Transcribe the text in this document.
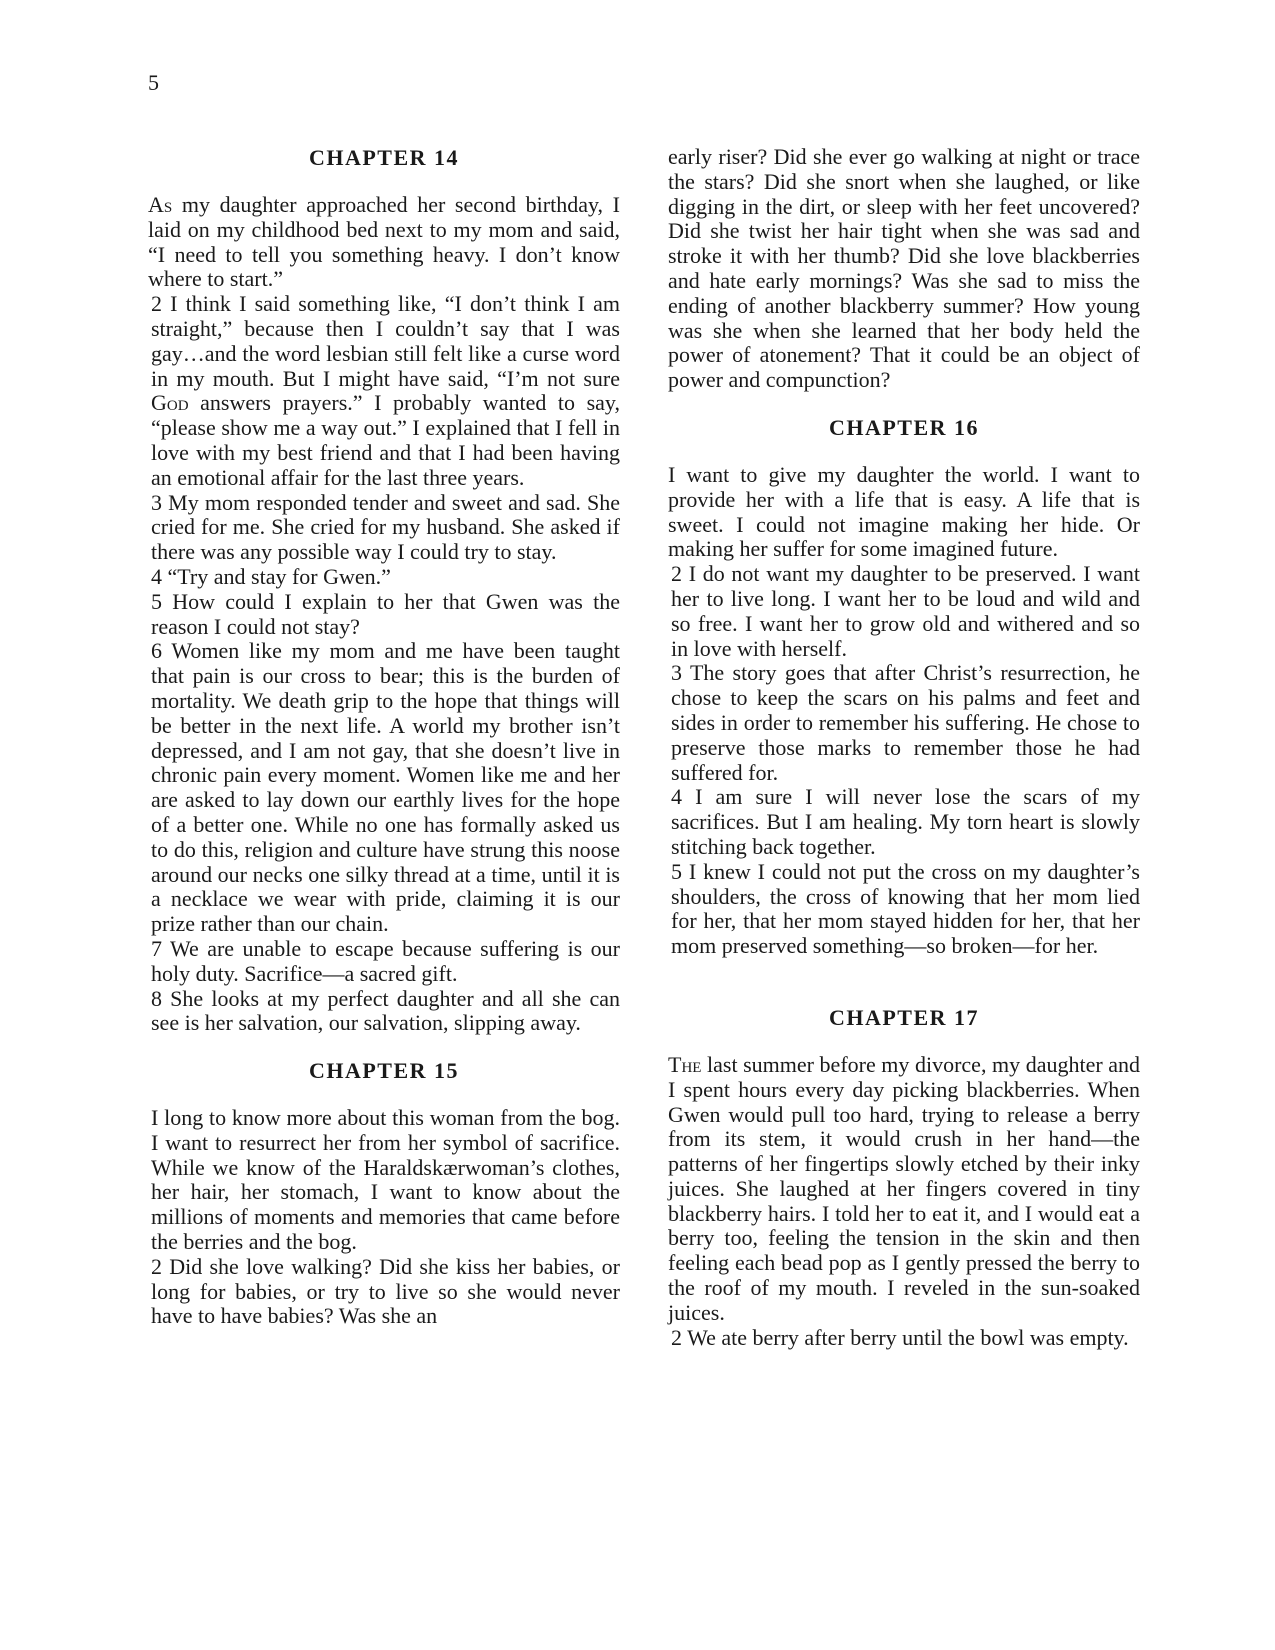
5
CHAPTER 14

As my daughter approached her second birthday, I laid on my childhood bed next to my mom and said, “I need to tell you something heavy. I don’t know where to start.”

2 I think I said something like, “I don’t think I am straight,” because then I couldn’t say that I was gay…and the word lesbian still felt like a curse word in my mouth. But I might have said, “I’m not sure God answers prayers.” I probably wanted to say, “please show me a way out.” I explained that I fell in love with my best friend and that I had been having an emotional affair for the last three years.

3 My mom responded tender and sweet and sad. She cried for me. She cried for my husband. She asked if there was any possible way I could try to stay.

4 “Try and stay for Gwen.”

5 How could I explain to her that Gwen was the reason I could not stay?

6 Women like my mom and me have been taught that pain is our cross to bear; this is the burden of mortality. We death grip to the hope that things will be better in the next life. A world my brother isn’t depressed, and I am not gay, that she doesn’t live in chronic pain every moment. Women like me and her are asked to lay down our earthly lives for the hope of a better one. While no one has formally asked us to do this, religion and culture have strung this noose around our necks one silky thread at a time, until it is a necklace we wear with pride, claiming it is our prize rather than our chain.

7 We are unable to escape because suffering is our holy duty. Sacrifice—a sacred gift.

8 She looks at my perfect daughter and all she can see is her salvation, our salvation, slipping away.

CHAPTER 15

I long to know more about this woman from the bog. I want to resurrect her from her symbol of sacrifice. While we know of the Haraldskærwoman’s clothes, her hair, her stomach, I want to know about the millions of moments and memories that came before the berries and the bog.

2 Did she love walking? Did she kiss her babies, or long for babies, or try to live so she would never have to have babies? Was she an

early riser? Did she ever go walking at night or trace the stars? Did she snort when she laughed, or like digging in the dirt, or sleep with her feet uncovered? Did she twist her hair tight when she was sad and stroke it with her thumb? Did she love blackberries and hate early mornings? Was she sad to miss the ending of another blackberry summer? How young was she when she learned that her body held the power of atonement? That it could be an object of power and compunction?

CHAPTER 16

I want to give my daughter the world. I want to provide her with a life that is easy. A life that is sweet. I could not imagine making her hide. Or making her suffer for some imagined future.

2 I do not want my daughter to be preserved. I want her to live long. I want her to be loud and wild and so free. I want her to grow old and withered and so in love with herself.

3 The story goes that after Christ’s resurrection, he chose to keep the scars on his palms and feet and sides in order to remember his suffering. He chose to preserve those marks to remember those he had suffered for.

4 I am sure I will never lose the scars of my sacrifices. But I am healing. My torn heart is slowly stitching back together.

5 I knew I could not put the cross on my daughter’s shoulders, the cross of knowing that her mom lied for her, that her mom stayed hidden for her, that her mom preserved something—so broken—for her.

CHAPTER 17

The last summer before my divorce, my daughter and I spent hours every day picking blackberries. When Gwen would pull too hard, trying to release a berry from its stem, it would crush in her hand—the patterns of her fingertips slowly etched by their inky juices. She laughed at her fingers covered in tiny blackberry hairs. I told her to eat it, and I would eat a berry too, feeling the tension in the skin and then feeling each bead pop as I gently pressed the berry to the roof of my mouth. I reveled in the sun-soaked juices.

2 We ate berry after berry until the bowl was empty.
